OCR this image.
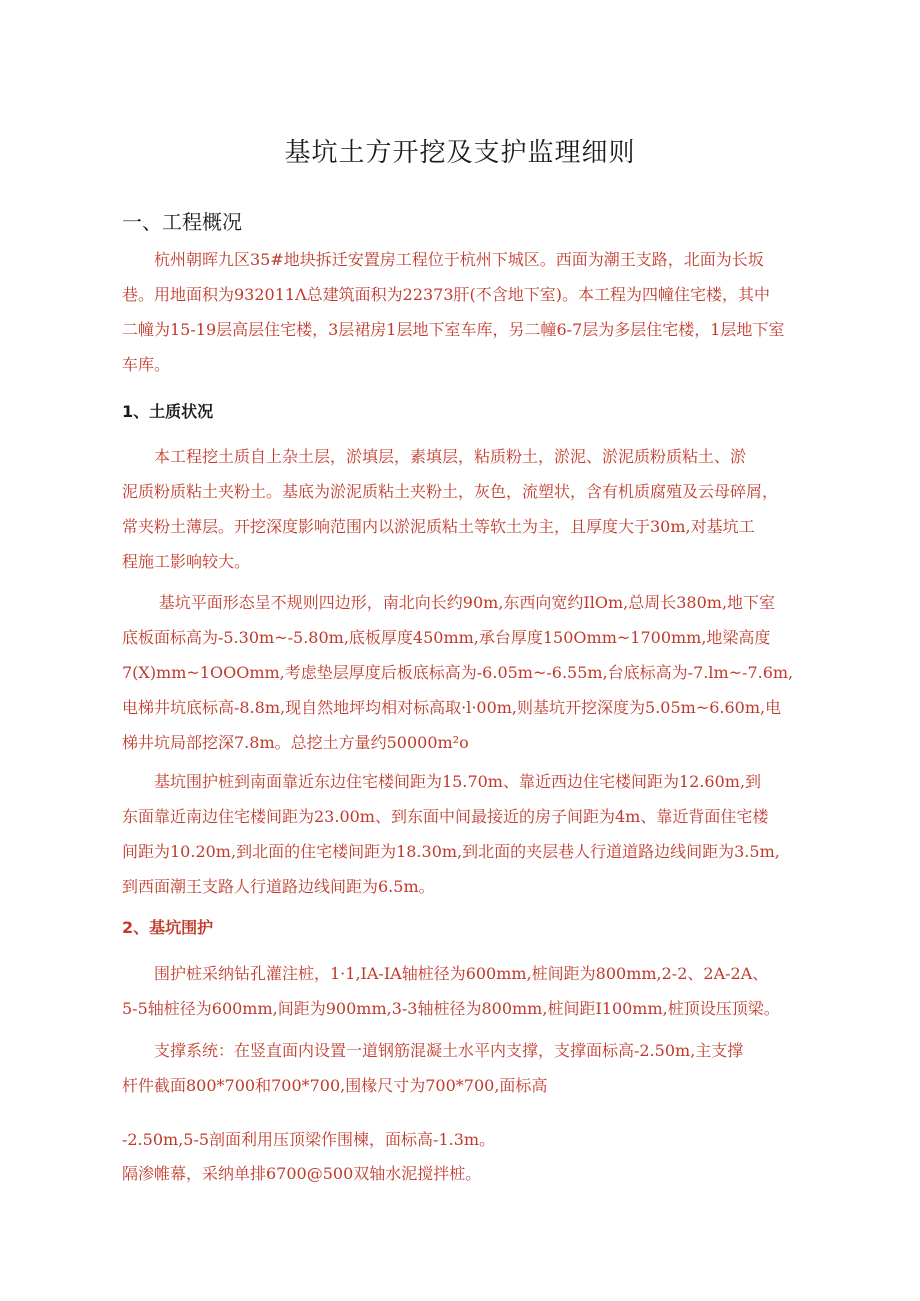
基坑土方开挖及支护监理细则
一、工程概况
杭州朝晖九区35#地块拆迁安置房工程位于杭州下城区。西面为潮王支路，北面为长坂
巷。用地面积为932011Λ总建筑面积为22373肝(不含地下室)。本工程为四幢住宅楼，其中
二幢为15-19层高层住宅楼，3层裙房1层地下室车库，另二幢6-7层为多层住宅楼，1层地下室
车库。
1、土质状况
本工程挖土质自上杂土层，淤填层，素填层，粘质粉土，淤泥、淤泥质粉质粘土、淤
泥质粉质粘土夹粉土。基底为淤泥质粘土夹粉土，灰色，流塑状，含有机质腐殖及云母碎屑，
常夹粉土薄层。开挖深度影响范围内以淤泥质粘土等软土为主，且厚度大于30m,对基坑工
程施工影响较大。
基坑平面形态呈不规则四边形，南北向长约90m,东西向宽约IlOm,总周长380m,地下室
底板面标高为-5.30m~-5.80m,底板厚度450mm,承台厚度150Omm~1700mm,地梁高度
7(X)mm~1OOOmm,考虑垫层厚度后板底标高为-6.05m~-6.55m,台底标高为-7.lm~-7.6m,
电梯井坑底标高-8.8m,现自然地坪均相对标高取·l·00m,则基坑开挖深度为5.05m~6.60m,电
梯井坑局部挖深7.8m。总挖土方量约50000m²o
基坑围护桩到南面靠近东边住宅楼间距为15.70m、靠近西边住宅楼间距为12.60m,到
东面靠近南边住宅楼间距为23.00m、到东面中间最接近的房子间距为4m、靠近背面住宅楼
间距为10.20m,到北面的住宅楼间距为18.30m,到北面的夹层巷人行道道路边线间距为3.5m,
到西面潮王支路人行道路边线间距为6.5m。
2、基坑围护
围护桩采纳钻孔灌注桩，1·1,IA-IA轴桩径为600mm,桩间距为800mm,2-2、2A-2A、
5-5轴桩径为600mm,间距为900mm,3-3轴桩径为800mm,桩间距I100mm,桩顶设压顶梁。
支撑系统：在竖直面内设置一道钢筋混凝土水平内支撑，支撑面标高-2.50m,主支撑
杆件截面800*700和700*700,围椽尺寸为700*700,面标高
-2.50m,5-5剖面利用压顶梁作围楝，面标高-1.3m。
隔渗帷幕，采纳单排6700@500双轴水泥搅拌桩。
